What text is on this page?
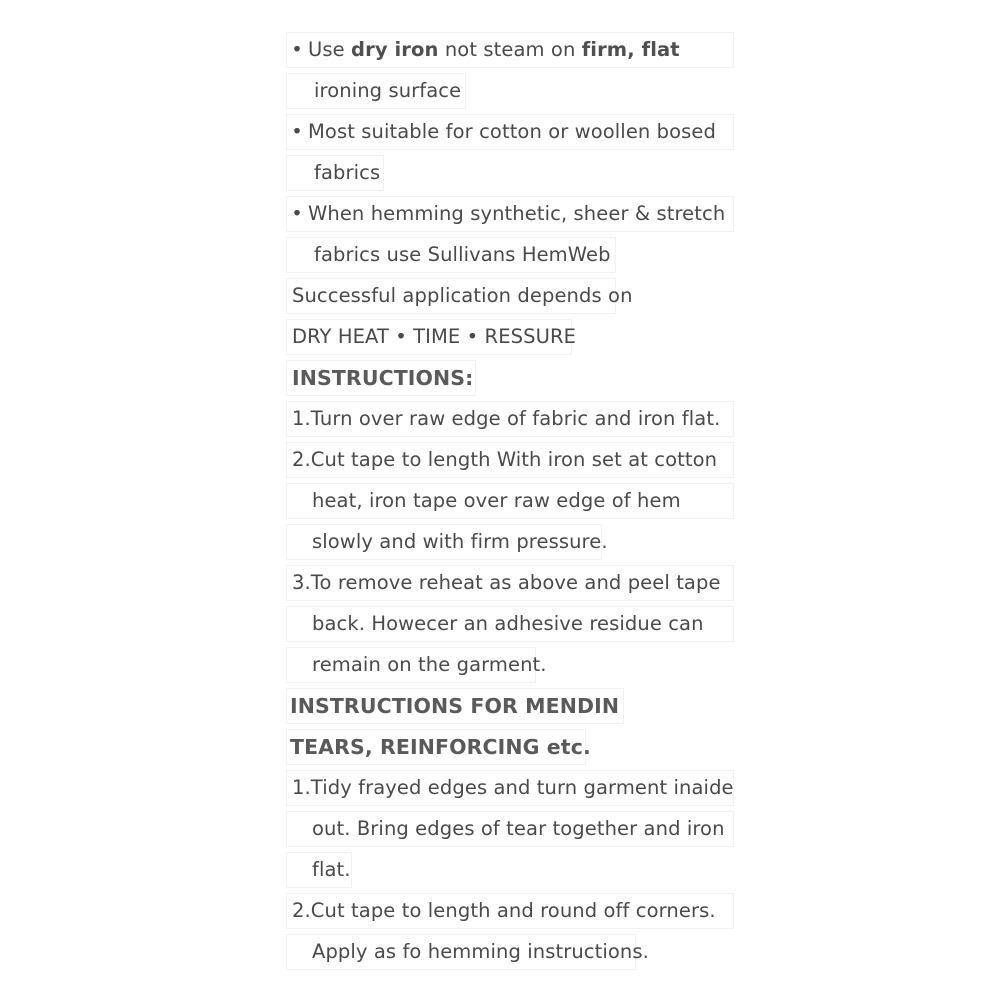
• Use dry iron not steam on firm, flat
ironing surface
• Most suitable for cotton or woollen bosed
fabrics
• When hemming synthetic, sheer & stretch
fabrics use Sullivans HemWeb
Successful application depends on
DRY HEAT • TIME • RESSURE
INSTRUCTIONS:
1.Turn over raw edge of fabric and iron flat.
2.Cut tape to length With iron set at cotton
heat, iron tape over raw edge of hem
slowly and with firm pressure.
3.To remove reheat as above and peel tape
back. Howecer an adhesive residue can
remain on the garment.
INSTRUCTIONS FOR MENDIN
TEARS, REINFORCING etc.
1.Tidy frayed edges and turn garment inaide
out. Bring edges of tear together and iron
flat.
2.Cut tape to length and round off corners.
Apply as fo hemming instructions.
